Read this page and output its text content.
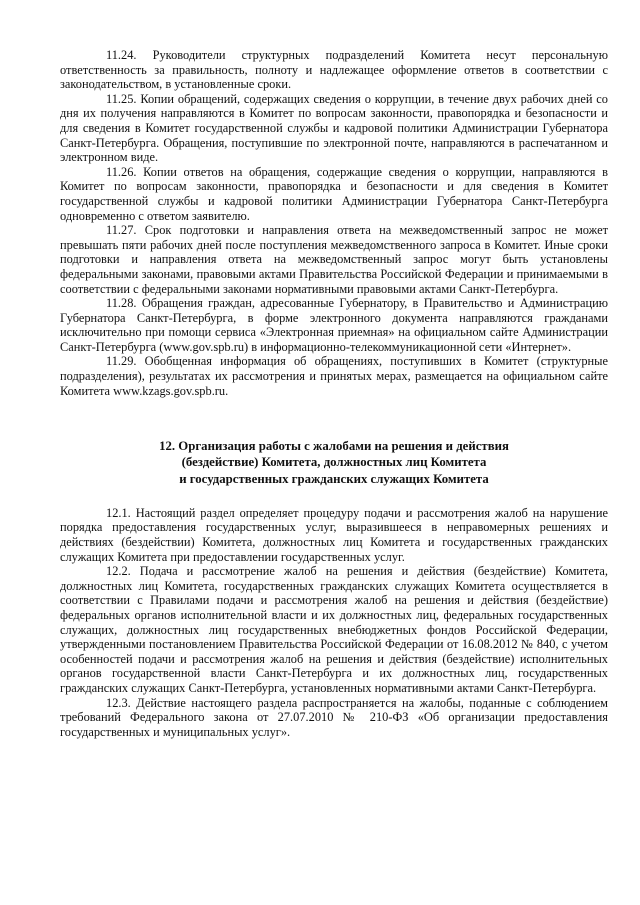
11.24. Руководители структурных подразделений Комитета несут персональную ответственность за правильность, полноту и надлежащее оформление ответов в соответствии с законодательством, в установленные сроки.

11.25. Копии обращений, содержащих сведения о коррупции, в течение двух рабочих дней со дня их получения направляются в Комитет по вопросам законности, правопорядка и безопасности и для сведения в Комитет государственной службы и кадровой политики Администрации Губернатора Санкт-Петербурга. Обращения, поступившие по электронной почте, направляются в распечатанном и электронном виде.

11.26. Копии ответов на обращения, содержащие сведения о коррупции, направляются в Комитет по вопросам законности, правопорядка и безопасности и для сведения в Комитет государственной службы и кадровой политики Администрации Губернатора Санкт-Петербурга одновременно с ответом заявителю.

11.27. Срок подготовки и направления ответа на межведомственный запрос не может превышать пяти рабочих дней после поступления межведомственного запроса в Комитет. Иные сроки подготовки и направления ответа на межведомственный запрос могут быть установлены федеральными законами, правовыми актами Правительства Российской Федерации и принимаемыми в соответствии с федеральными законами нормативными правовыми актами Санкт-Петербурга.

11.28. Обращения граждан, адресованные Губернатору, в Правительство и Администрацию Губернатора Санкт-Петербурга, в форме электронного документа направляются гражданами исключительно при помощи сервиса «Электронная приемная» на официальном сайте Администрации Санкт-Петербурга (www.gov.spb.ru) в информационно-телекоммуникационной сети «Интернет».

11.29. Обобщенная информация об обращениях, поступивших в Комитет (структурные подразделения), результатах их рассмотрения и принятых мерах, размещается на официальном сайте Комитета www.kzags.gov.spb.ru.

12. Организация работы с жалобами на решения и действия
(бездействие) Комитета, должностных лиц Комитета
и государственных гражданских служащих Комитета

12.1. Настоящий раздел определяет процедуру подачи и рассмотрения жалоб на нарушение порядка предоставления государственных услуг, выразившееся в неправомерных решениях и действиях (бездействии) Комитета, должностных лиц Комитета и государственных гражданских служащих Комитета при предоставлении государственных услуг.

12.2. Подача и рассмотрение жалоб на решения и действия (бездействие) Комитета, должностных лиц Комитета, государственных гражданских служащих Комитета осуществляется в соответствии с Правилами подачи и рассмотрения жалоб на решения и действия (бездействие) федеральных органов исполнительной власти и их должностных лиц, федеральных государственных служащих, должностных лиц государственных внебюджетных фондов Российской Федерации, утвержденными постановлением Правительства Российской Федерации от 16.08.2012 № 840, с учетом особенностей подачи и рассмотрения жалоб на решения и действия (бездействие) исполнительных органов государственной власти Санкт-Петербурга и их должностных лиц, государственных гражданских служащих Санкт-Петербурга, установленных нормативными актами Санкт-Петербурга.

12.3. Действие настоящего раздела распространяется на жалобы, поданные с соблюдением требований Федерального закона от 27.07.2010 № 210-ФЗ «Об организации предоставления государственных и муниципальных услуг».
